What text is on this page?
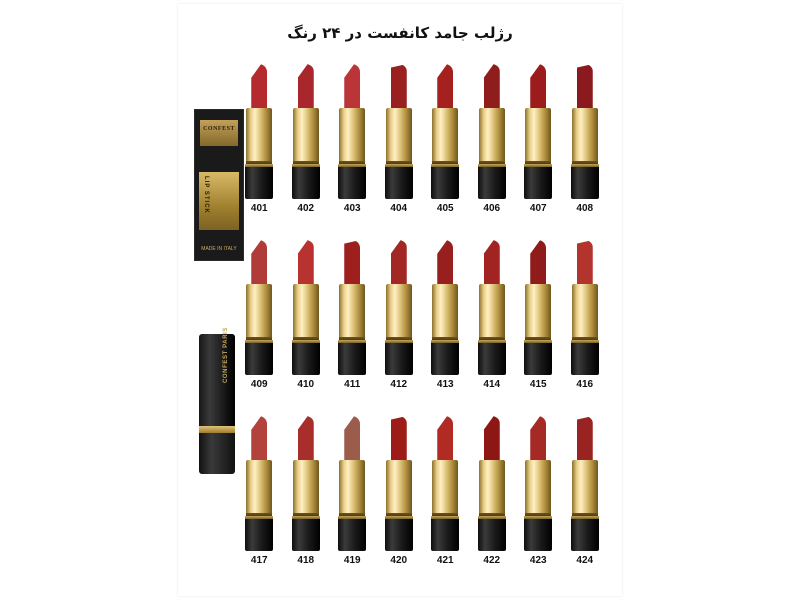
رژلب جامد کانفست در ۲۴ رنگ
CONFEST
LIP STICK
MADE IN ITALY
CONFEST PARIS
401	402	403	404	405	406	407	408
409	410	411	412	413	414	415	416
417	418	419	420	421	422	423	424
